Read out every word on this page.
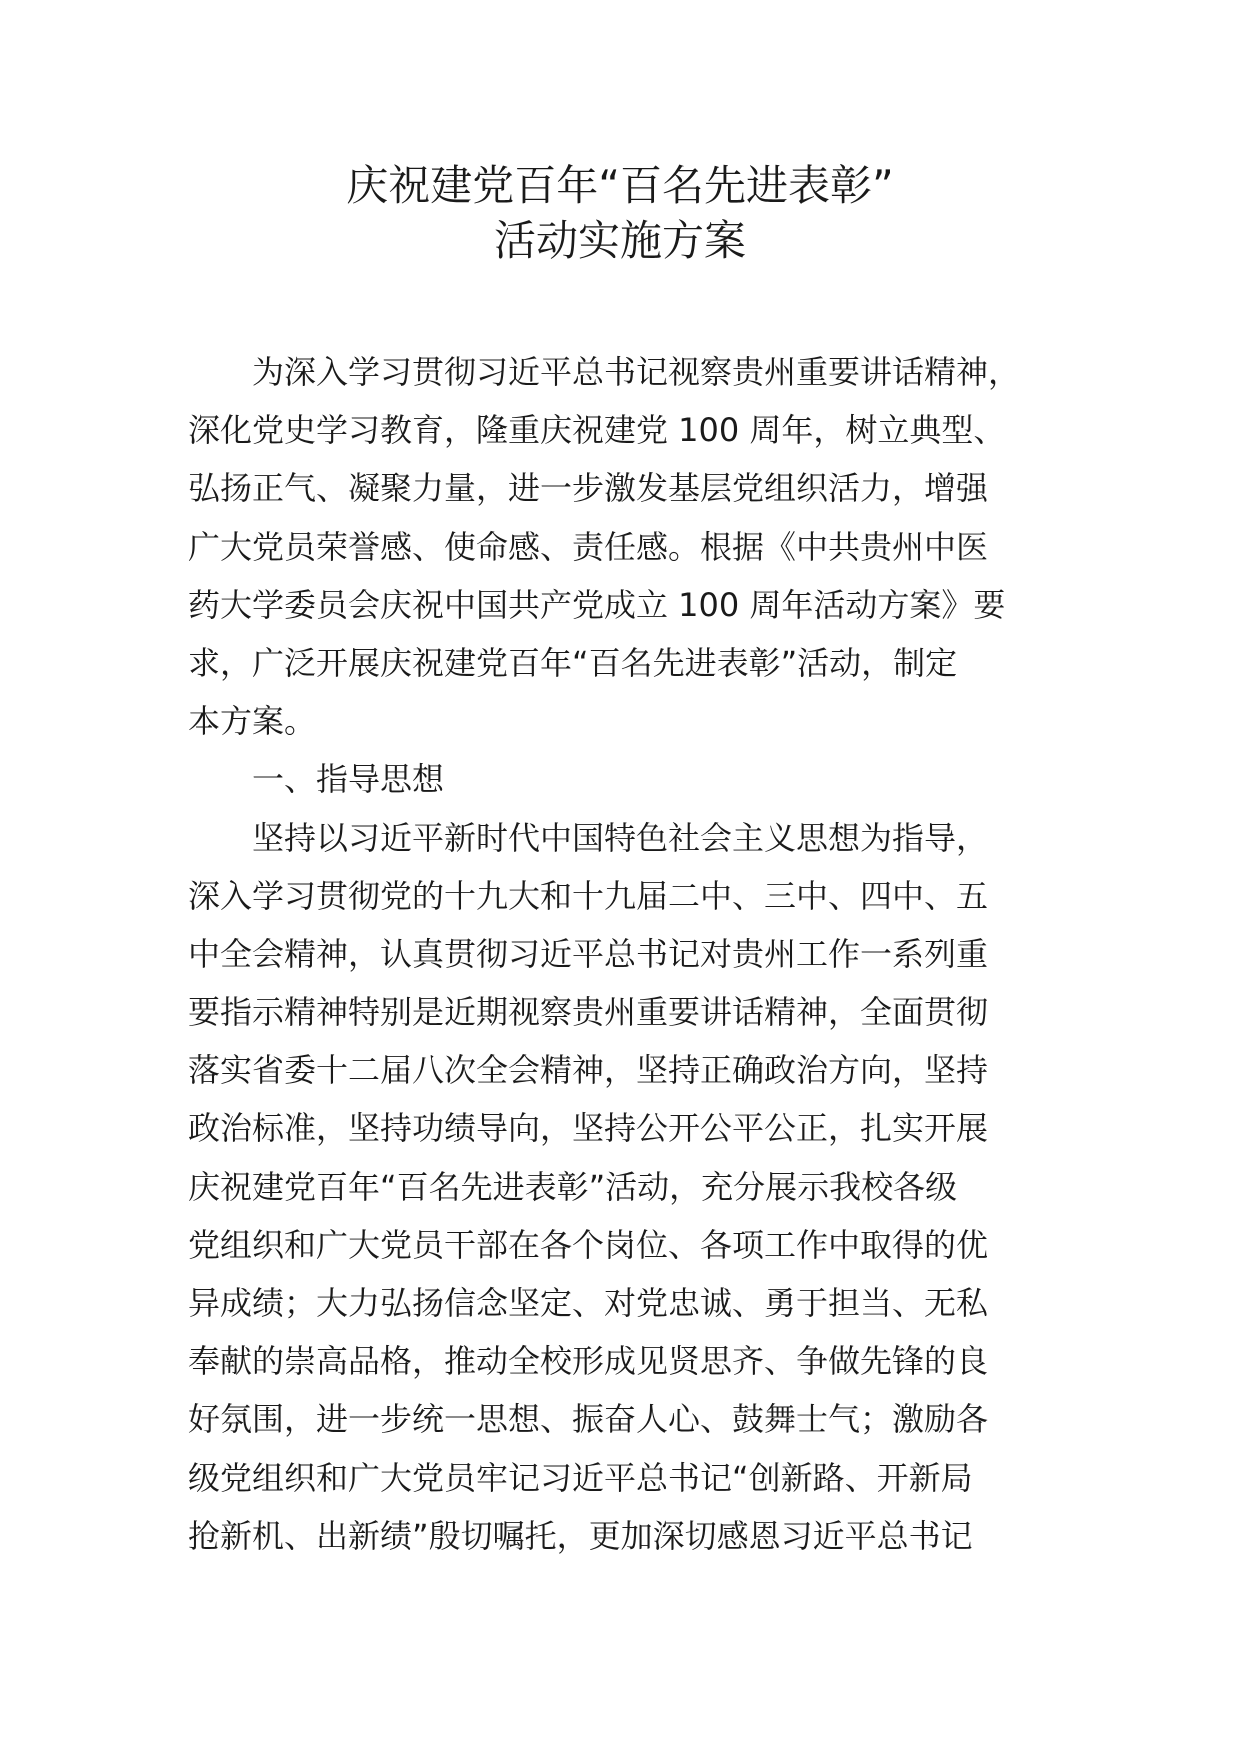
庆祝建党百年“百名先进表彰”
活动实施方案
为深入学习贯彻习近平总书记视察贵州重要讲话精神，
深化党史学习教育，隆重庆祝建党 100 周年，树立典型、
弘扬正气、凝聚力量，进一步激发基层党组织活力，增强
广大党员荣誉感、使命感、责任感。根据《中共贵州中医
药大学委员会庆祝中国共产党成立 100 周年活动方案》要
求，广泛开展庆祝建党百年“百名先进表彰”活动，制定
本方案。
一、指导思想
坚持以习近平新时代中国特色社会主义思想为指导，
深入学习贯彻党的十九大和十九届二中、三中、四中、五
中全会精神，认真贯彻习近平总书记对贵州工作一系列重
要指示精神特别是近期视察贵州重要讲话精神，全面贯彻
落实省委十二届八次全会精神，坚持正确政治方向，坚持
政治标准，坚持功绩导向，坚持公开公平公正，扎实开展
庆祝建党百年“百名先进表彰”活动，充分展示我校各级
党组织和广大党员干部在各个岗位、各项工作中取得的优
异成绩；大力弘扬信念坚定、对党忠诚、勇于担当、无私
奉献的崇高品格，推动全校形成见贤思齐、争做先锋的良
好氛围，进一步统一思想、振奋人心、鼓舞士气；激励各
级党组织和广大党员牢记习近平总书记“创新路、开新局
抢新机、出新绩”殷切嘱托，更加深切感恩习近平总书记
